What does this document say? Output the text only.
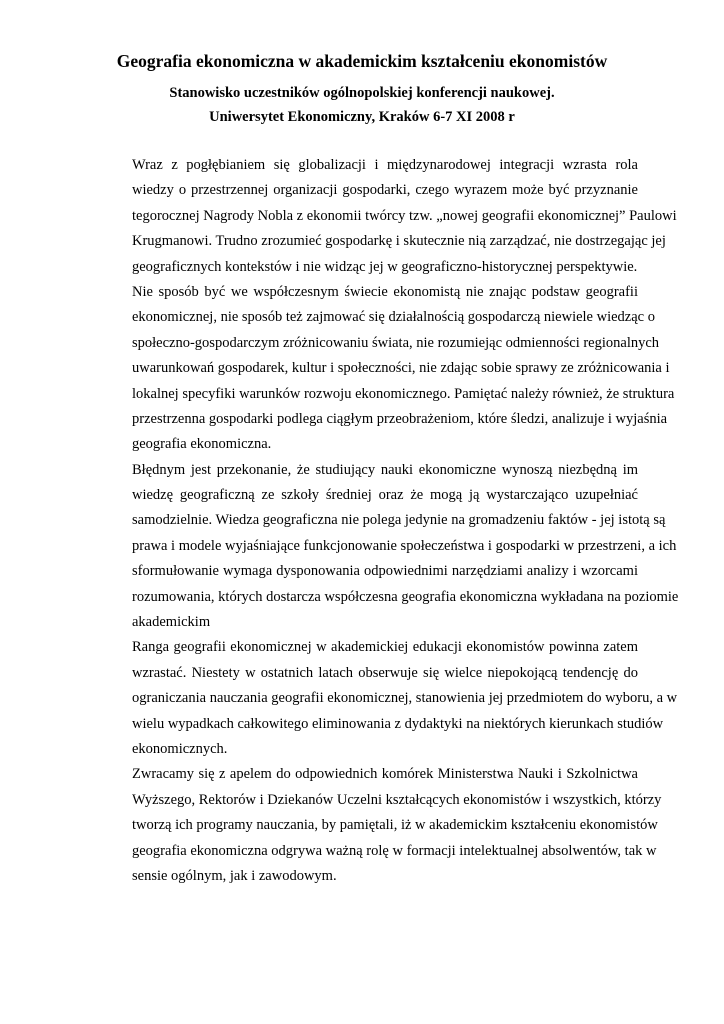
Geografia ekonomiczna w akademickim kształceniu ekonomistów
Stanowisko uczestników ogólnopolskiej konferencji naukowej.
Uniwersytet Ekonomiczny, Kraków 6-7 XI 2008 r

Wraz z pogłębianiem się globalizacji i międzynarodowej integracji wzrasta rola
wiedzy o przestrzennej organizacji gospodarki, czego wyrazem może być przyznanie
tegorocznej Nagrody Nobla z ekonomii twórcy tzw. „nowej geografii ekonomicznej” Paulowi
Krugmanowi. Trudno zrozumieć gospodarkę i skutecznie nią zarządzać, nie dostrzegając jej
geograficznych kontekstów i nie widząc jej w geograficzno-historycznej perspektywie.

Nie sposób być we współczesnym świecie ekonomistą nie znając podstaw geografii
ekonomicznej, nie sposób też zajmować się działalnością gospodarczą niewiele wiedząc o
społeczno-gospodarczym zróżnicowaniu świata, nie rozumiejąc odmienności regionalnych
uwarunkowań gospodarek, kultur i społeczności, nie zdając sobie sprawy ze zróżnicowania i
lokalnej specyfiki warunków rozwoju ekonomicznego. Pamiętać należy również, że struktura
przestrzenna gospodarki podlega ciągłym przeobrażeniom, które śledzi, analizuje i wyjaśnia
geografia ekonomiczna.

Błędnym jest przekonanie, że studiujący nauki ekonomiczne wynoszą niezbędną im
wiedzę geograficzną ze szkoły średniej oraz że mogą ją wystarczająco uzupełniać
samodzielnie. Wiedza geograficzna nie polega jedynie na gromadzeniu faktów - jej istotą są
prawa i modele wyjaśniające funkcjonowanie społeczeństwa i gospodarki w przestrzeni, a ich
sformułowanie wymaga dysponowania odpowiednimi narzędziami analizy i wzorcami
rozumowania, których dostarcza współczesna geografia ekonomiczna wykładana na poziomie
akademickim

Ranga geografii ekonomicznej w akademickiej edukacji ekonomistów powinna zatem
wzrastać. Niestety w ostatnich latach obserwuje się wielce niepokojącą tendencję do
ograniczania nauczania geografii ekonomicznej, stanowienia jej przedmiotem do wyboru, a w
wielu wypadkach całkowitego eliminowania z dydaktyki na niektórych kierunkach studiów
ekonomicznych.

Zwracamy się z apelem do odpowiednich komórek Ministerstwa Nauki i Szkolnictwa
Wyższego, Rektorów i Dziekanów Uczelni kształcących ekonomistów i wszystkich, którzy
tworzą ich programy nauczania, by pamiętali, iż w akademickim kształceniu ekonomistów
geografia ekonomiczna odgrywa ważną rolę w formacji intelektualnej absolwentów, tak w
sensie ogólnym, jak i zawodowym.
